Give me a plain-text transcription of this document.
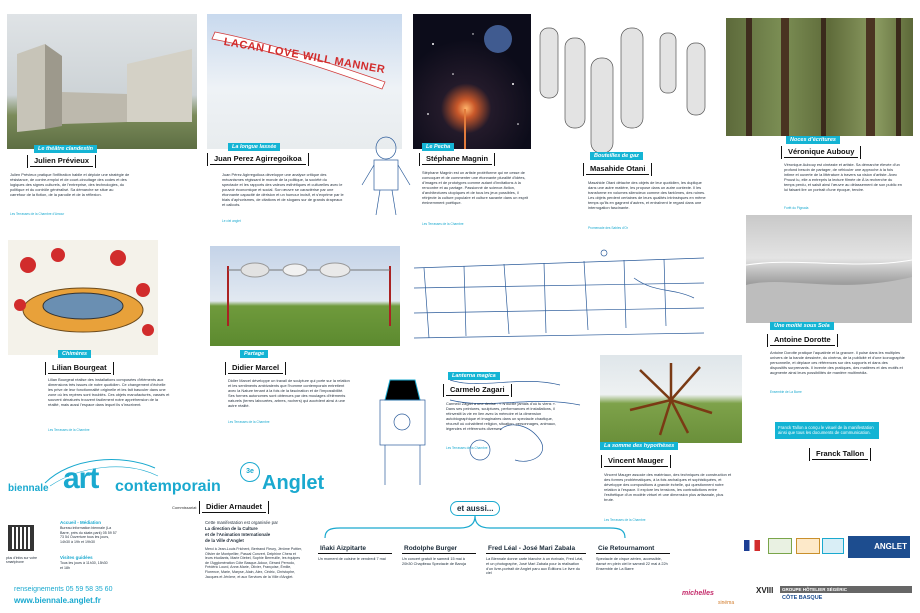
LACAN LOVE WILL MANNER
Le théâtre clandestin
Julien Prévieux
Julien Prévieux pratique l'infiltration habile et déploie une stratégie de résistance, de contre-emploi et de court-circuitage des codes et des logiques des signes culturels, de l'entreprise, des technologies, du politique et du contrôle généralisé. Sa démarche se situe au carrefour de la fiction, de la parodie et de la réflexion.
Les Terrasses de la Chambre d'Amour
La longue lassée
Juan Perez Agirregoikoa
Juan Pérez Agirregoikoa développe une analyse critique des mécanismes régissant le monde de la politique, la société du spectacle et les rapports des valeurs esthétiques et culturelles avec le pouvoir économique et social. Son œuvre se caractérise par une étonnante capacité de dérision et un humour incisif, et s'exprime par le biais d'aphorismes, de citations et de slogans sur de grands drapeaux et calicots.
Le ciel anglet
Le Pecha
Stéphane Magnin
Stéphane Magnin est un artiste protéiforme qui ne cesse de convoquer et de commenter une étonnante pluralité d'idées, d'images et de prototypes comme autant d'invitations à la rencontre et au partage. Passionné de science-fiction, d'architectures utopiques et de tous les jeux possibles, il réinjecte la culture populaire et culture savante dans un esprit éminemment poétique.
Les Terrasses de la Chambre
Bouteilles de gaz
Masahide Otani
Masahide Otani détache des objets de leur quotidien, les duplique dans une autre matière, les propose dans un autre contexte. Il les transforme en volumes silencieux comme des fantômes, des ruines. Les objets perdent certaines de leurs qualités intrinsèques en même temps qu'ils en gagnent d'autres, et entraînent le regard dans une interrogation fascinante.
Promenade des Sables d'Or
Noces d'écritures
Véronique Aubouy
Véronique Aubouy est cinéaste et artiste. Sa démarche élevée d'un profond besoin de partager, de véhiculer une approche à la fois intime et ouverte de la littérature à travers sa vision d'artiste. Avec Proust lu, elle a entrepris la lecture filmée de À la recherche du temps perdu, et saisit ainsi l'œuvre au délassement de son public en lui faisant lire un portrait d'une époque, tendre.
Forêt du Pignada
Chimères
Lilian Bourgeat
Lilian Bourgeat réalise des installations composées d'éléments aux dimensions très issues de notre quotidien. Ce changement d'échelle les prive de leur fonctionnalité originelle et les fait basculer dans une zone où les repères sont troublés. Ces objets manufacturés, vassés et souvent dénaturés trouvent facilement notre appréhension de la réalité, mais aussi l'espace dans lequel ils s'inscrivent.
Les Terrasses de la Chambre
Partage
Didier Marcel
Didier Marcel développe un travail de sculpture qui porte sur la relation et les sentiments ambivalents que l'homme contemporain entretient avec la Nature tenant à la fois de la fascination et de l'impossibilité. Ses formes autonomes sont obtenues par des moulages d'éléments naturels (terres labourées, arbres, rochers) qui accèdent ainsi à une autre réalité.
Les Terrasses de la Chambre
Lanterna magica
Carmelo Zagari
Carmelo Zagari a une devise : « N'oublie jamais d'où tu viens ». Dans ses peintures, sculptures, performances et installations, il réinvestit la vie en lien avec la mémoire et la dimension autobiographique et imaginaires dans un spectacle chaotique, récursif où cohabitent religion, situation, personnages, animaux, légendes et référencés diverses.
Les Terrasses de la Chambre
Une moitié sous Sola
Antoine Dorotte
Antoine Dorotte pratique l'aquatinte et la gravure. Il puise dans les multiples univers de la bande dessinée, du cinéma, de la publicité et d'une iconographie personnelle, et déplace ces références sur des supports et dans des dispositifs surprenants. Il invente des pratiques, des matières et des motifs et augmente ainsi leurs possibilités de manière multimédia.
Ensemble de La Barre
La somme des hypothèses
Vincent Mauger
Vincent Mauger associe des matériaux, des techniques de construction et des formes problématiques, à la fois archaïques et sophistiquées, et développe des compositions à grande échelle, qui questionnent notre relation à l'espace. Il explore les tensions, les contradictions entre l'esthétique d'un modèle virtuel et une dimension plus artisanale, plus brute.
Les Terrasses de la Chambre
Franck Tallon a conçu le visuel de la manifestation ainsi que tous les documents de communication.
Franck Tallon
biennale art contemporain Anglet
3e
Commissariat	Didier Arnaudet
Cette manifestation est organisée par
La direction de la Culture
et de l'Animation Internationale
de la Ville d'Anglet
Merci à Jean-Louis Frichent, Bertrand Fleury, Jérôme Pottier, Olivier de Montpellier, Pascal Convert, Delphine Chera et leurs étudiants, Marie Diebel, Sophie Berreuille, les équipes de l'Agglomération Côte Basque-Adour, Gérard Perrodo, Frédéric Lourd, Anne-Marie, Olivier, Françoise, Émilie, Florence, Marie, Maryse, Alain, Alex, Cédric, Christophe, Jacques et Jérôme, et aux Services de la Ville d'Anglet.
Accueil - Médiation
Bureau information biennale (La Barre, près du skate-park) 05 59 57 73 54 Ouverture tous les jours, 14h30 à 19h et 19h30
Visites guidées
Tous les jours à 11h30, 15h30 et 18h
plus d'infos sur votre smartphone
renseignements 05 59 58 35 60
www.biennale.anglet.fr
et aussi...
Iñaki Aizpitarte
Un moment de cuisine le vendredi 7 mai
Rodolphe Burger
Un concert gratuit le samedi 15 mai à 20h30 Chapiteau Spectacle de Baroja
Fred Léal - José Mari Zabala
La Biennale donne carte blanche à un écrivain, Fred Léal, et un photographe, José Mari Zabala pour la réalisation d'un livre-portrait de Anglet paru aux Éditions Le livre du ciel
Cie Retournamont
Spectacle de cirque aérien, accessible, dansé en plein ciel le samedi 22 mai à 22h Ensemble de La Barre
ANGLET
michelles
sinéma
XVIII	GROUPE HÔTELIER SÉGÉRIC
CÔTE BASQUE
